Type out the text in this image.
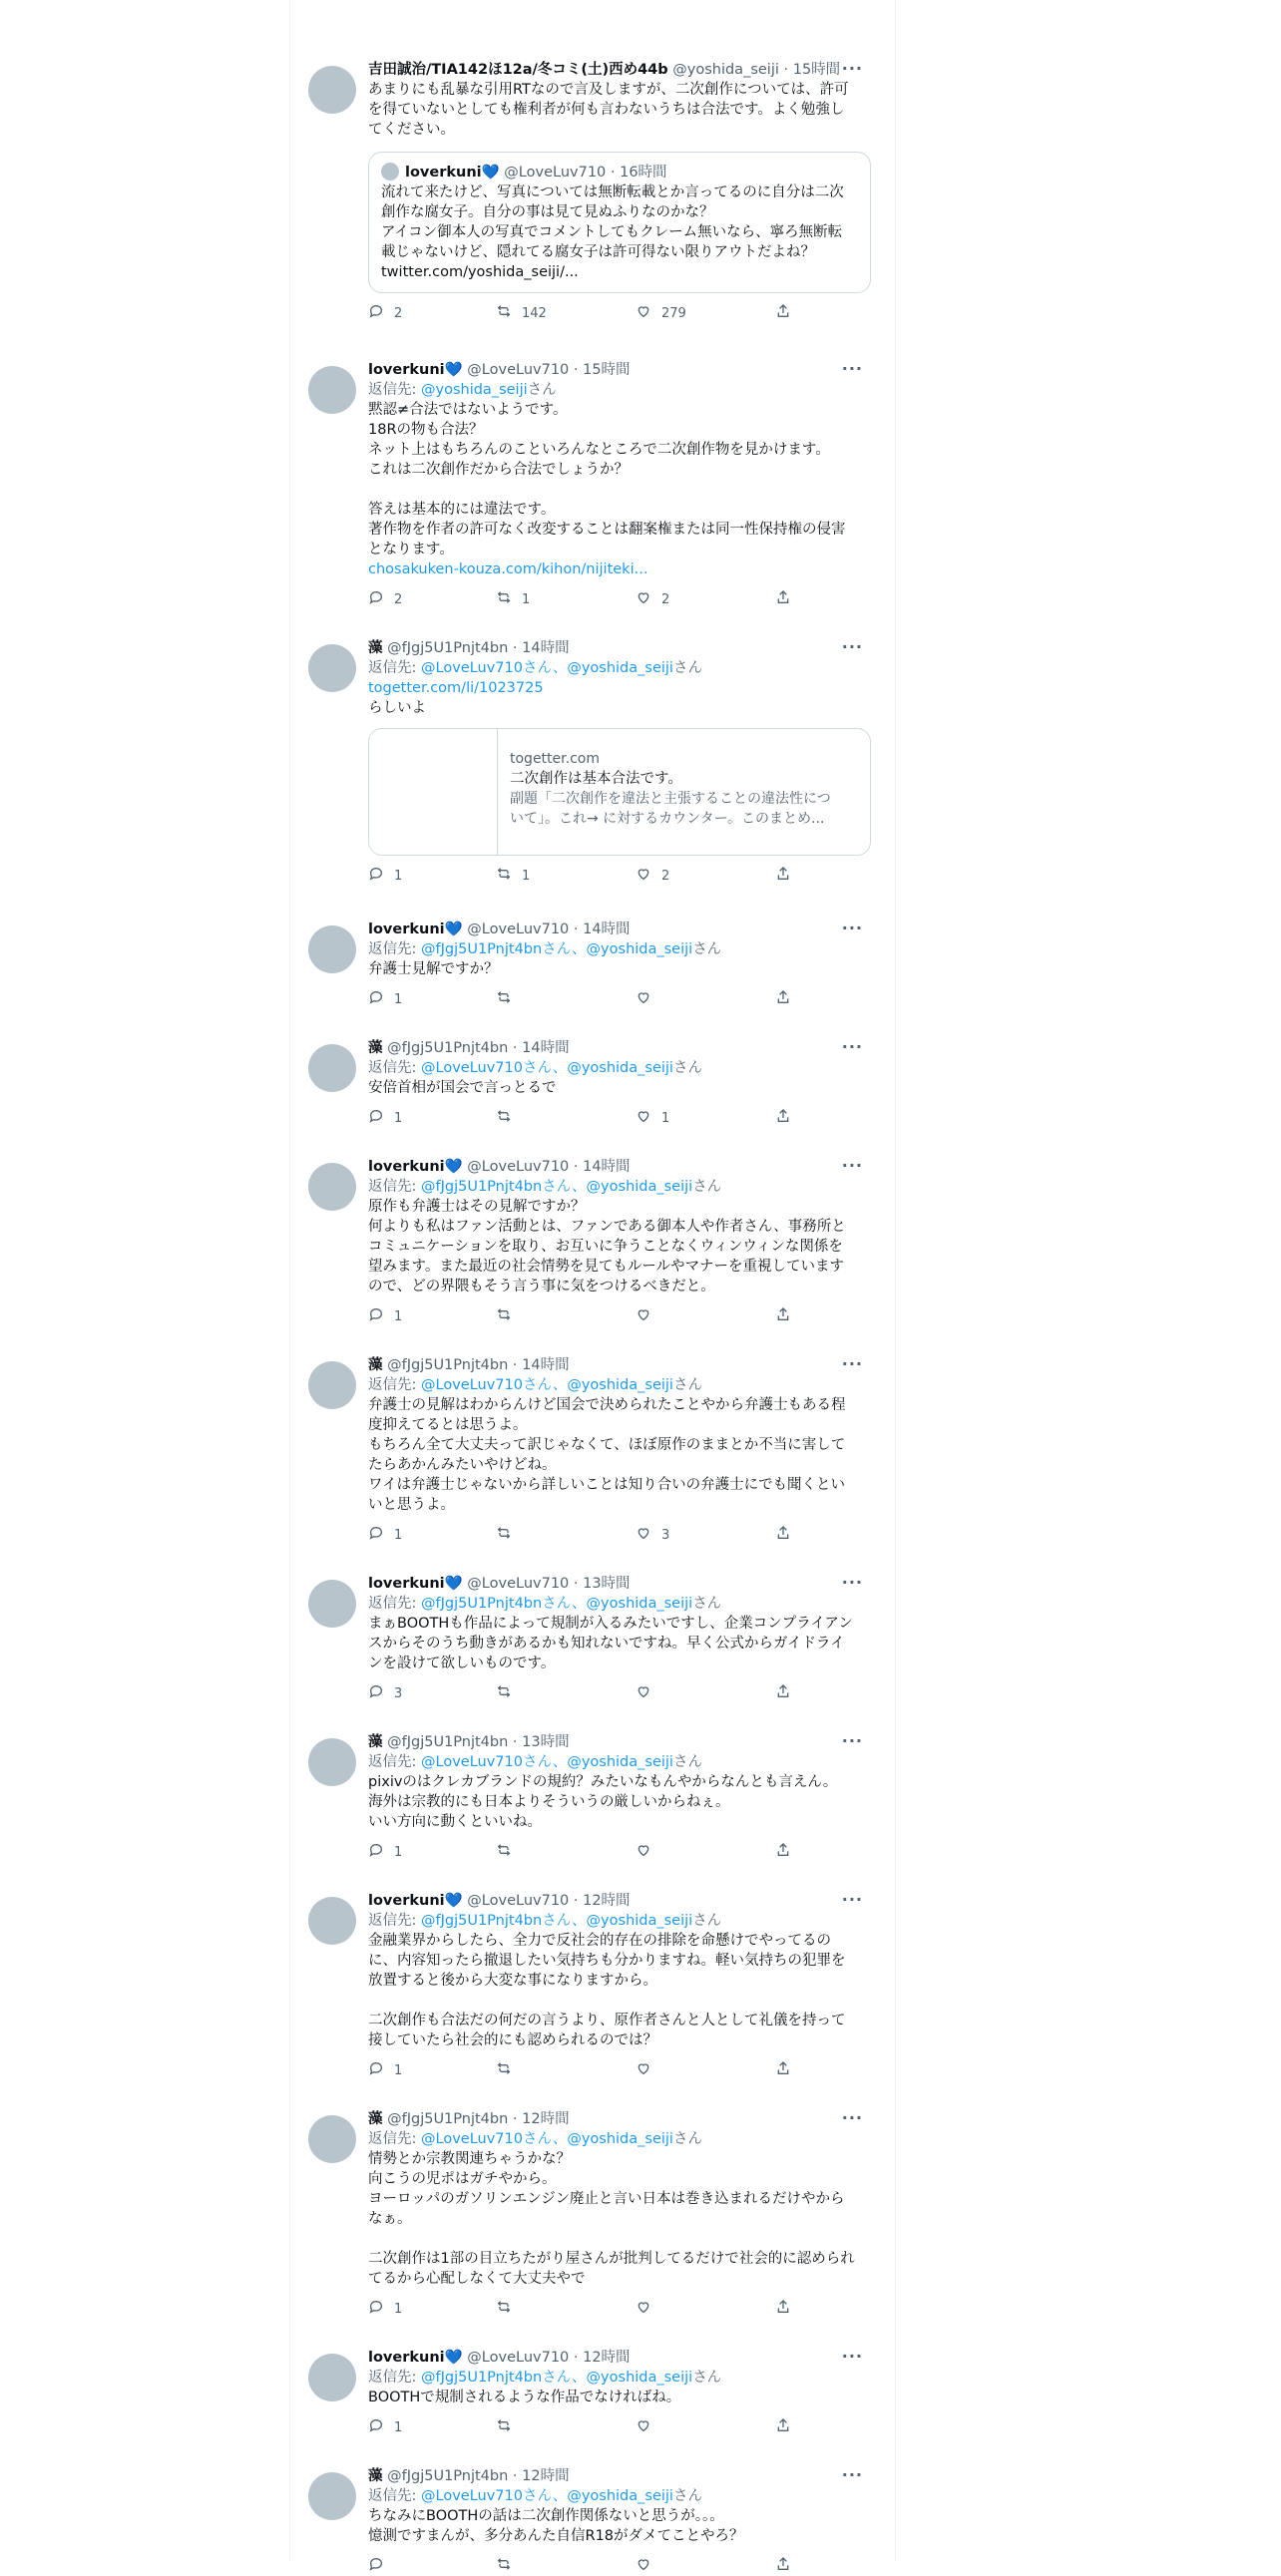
吉田誠治/TIA142ほ12a/冬コミ(土)西め44b @yoshida_seiji · 15時間 ···
あまりにも乱暴な引用RTなので言及しますが、二次創作については、許可
を得ていないとしても権利者が何も言わないうちは合法です。よく勉強し
てください。
loverkuni💙 @LoveLuv710 · 16時間
流れて来たけど、写真については無断転載とか言ってるのに自分は二次
創作な腐女子。自分の事は見て見ぬふりなのかな？
アイコン御本人の写真でコメントしてもクレーム無いなら、寧ろ無断転
載じゃないけど、隠れてる腐女子は許可得ない限りアウトだよね？
twitter.com/yoshida_seiji/...
2	142	279
loverkuni💙 @LoveLuv710 · 15時間	···
返信先: @yoshida_seijiさん
黙認≠合法ではないようです。
18Rの物も合法？
ネット上はもちろんのこといろんなところで二次創作物を見かけます。
これは二次創作だから合法でしょうか？

答えは基本的には違法です。
著作物を作者の許可なく改変することは翻案権または同一性保持権の侵害
となります。
chosakuken-kouza.com/kihon/nijiteki...
2	1	2
藻 @fJgj5U1Pnjt4bn · 14時間	···
返信先: @LoveLuv710さん、@yoshida_seijiさん
togetter.com/li/1023725
らしいよ
togetter.com
二次創作は基本合法です。
副題「二次創作を違法と主張することの違法性につ
いて」。これ→ に対するカウンター。このまとめ...
1	1	2
loverkuni💙 @LoveLuv710 · 14時間	···
返信先: @fJgj5U1Pnjt4bnさん、@yoshida_seijiさん
弁護士見解ですか？
1
藻 @fJgj5U1Pnjt4bn · 14時間	···
返信先: @LoveLuv710さん、@yoshida_seijiさん
安倍首相が国会で言っとるで
1	1
loverkuni💙 @LoveLuv710 · 14時間	···
返信先: @fJgj5U1Pnjt4bnさん、@yoshida_seijiさん
原作も弁護士はその見解ですか？
何よりも私はファン活動とは、ファンである御本人や作者さん、事務所と
コミュニケーションを取り、お互いに争うことなくウィンウィンな関係を
望みます。また最近の社会情勢を見てもルールやマナーを重視しています
ので、どの界隈もそう言う事に気をつけるべきだと。
1
藻 @fJgj5U1Pnjt4bn · 14時間	···
返信先: @LoveLuv710さん、@yoshida_seijiさん
弁護士の見解はわからんけど国会で決められたことやから弁護士もある程
度抑えてるとは思うよ。
もちろん全て大丈夫って訳じゃなくて、ほぼ原作のままとか不当に害して
たらあかんみたいやけどね。
ワイは弁護士じゃないから詳しいことは知り合いの弁護士にでも聞くとい
いと思うよ。
1	3
loverkuni💙 @LoveLuv710 · 13時間	···
返信先: @fJgj5U1Pnjt4bnさん、@yoshida_seijiさん
まぁBOOTHも作品によって規制が入るみたいですし、企業コンプライアン
スからそのうち動きがあるかも知れないですね。早く公式からガイドライ
ンを設けて欲しいものです。
3
藻 @fJgj5U1Pnjt4bn · 13時間	···
返信先: @LoveLuv710さん、@yoshida_seijiさん
pixivのはクレカブランドの規約？みたいなもんやからなんとも言えん。
海外は宗教的にも日本よりそういうの厳しいからねぇ。
いい方向に動くといいね。
1
loverkuni💙 @LoveLuv710 · 12時間	···
返信先: @fJgj5U1Pnjt4bnさん、@yoshida_seijiさん
金融業界からしたら、全力で反社会的存在の排除を命懸けでやってるの
に、内容知ったら撤退したい気持ちも分かりますね。軽い気持ちの犯罪を
放置すると後から大変な事になりますから。

二次創作も合法だの何だの言うより、原作者さんと人として礼儀を持って
接していたら社会的にも認められるのでは？
1
藻 @fJgj5U1Pnjt4bn · 12時間	···
返信先: @LoveLuv710さん、@yoshida_seijiさん
情勢とか宗教関連ちゃうかな？
向こうの児ポはガチやから。
ヨーロッパのガソリンエンジン廃止と言い日本は巻き込まれるだけやから
なぁ。

二次創作は1部の目立ちたがり屋さんが批判してるだけで社会的に認められ
てるから心配しなくて大丈夫やで
1
loverkuni💙 @LoveLuv710 · 12時間	···
返信先: @fJgj5U1Pnjt4bnさん、@yoshida_seijiさん
BOOTHで規制されるような作品でなければね。
1
藻 @fJgj5U1Pnjt4bn · 12時間	···
返信先: @LoveLuv710さん、@yoshida_seijiさん
ちなみにBOOTHの話は二次創作関係ないと思うが。。。
憶測ですまんが、多分あんた自信R18がダメてことやろ？
